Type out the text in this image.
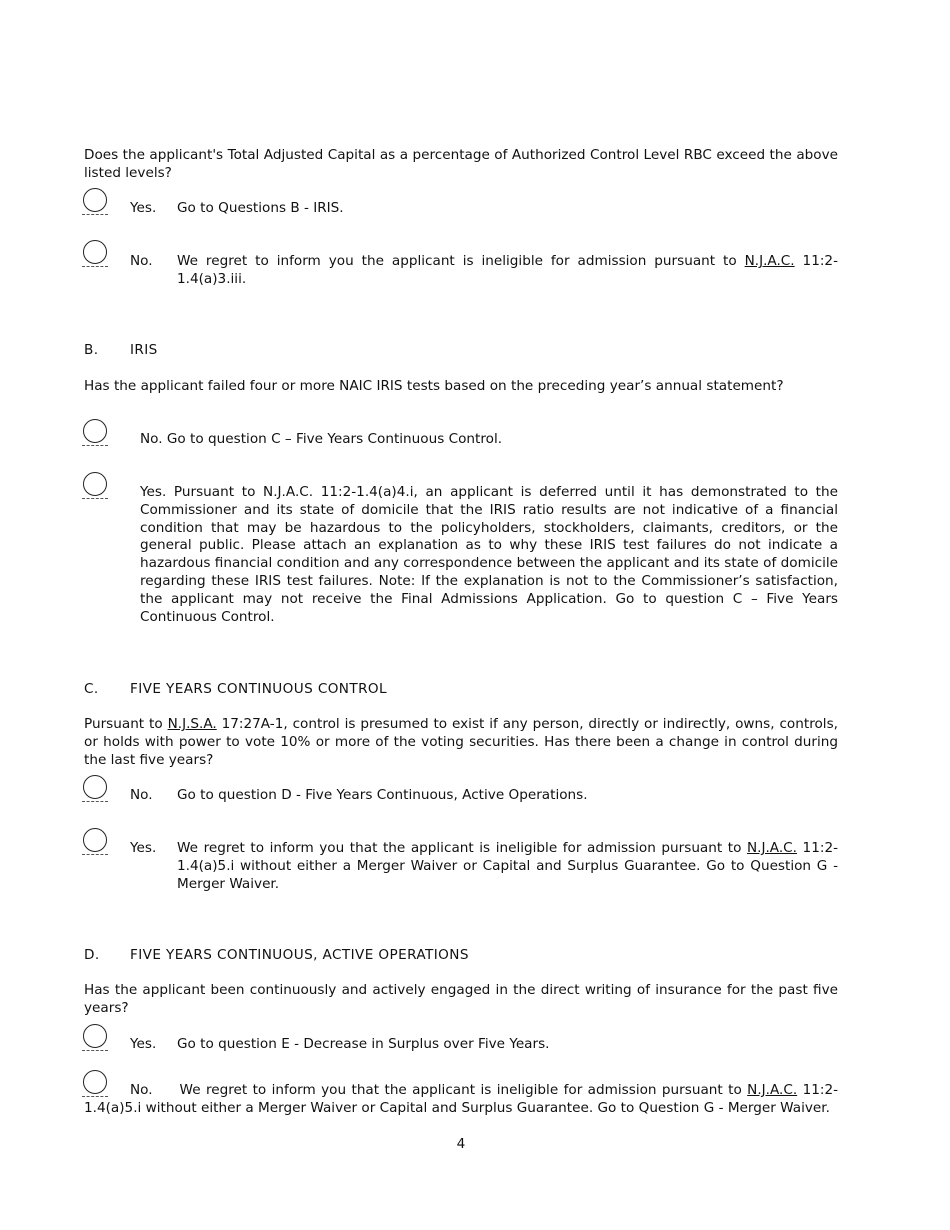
Does the applicant's Total Adjusted Capital as a percentage of Authorized Control Level RBC exceed the above listed levels?

Yes. Go to Questions B - IRIS.

No. We regret to inform you the applicant is ineligible for admission pursuant to N.J.A.C. 11:2-1.4(a)3.iii.

B. IRIS

Has the applicant failed four or more NAIC IRIS tests based on the preceding year’s annual statement?

No. Go to question C – Five Years Continuous Control.

Yes. Pursuant to N.J.A.C. 11:2-1.4(a)4.i, an applicant is deferred until it has demonstrated to the Commissioner and its state of domicile that the IRIS ratio results are not indicative of a financial condition that may be hazardous to the policyholders, stockholders, claimants, creditors, or the general public. Please attach an explanation as to why these IRIS test failures do not indicate a hazardous financial condition and any correspondence between the applicant and its state of domicile regarding these IRIS test failures. Note: If the explanation is not to the Commissioner’s satisfaction, the applicant may not receive the Final Admissions Application. Go to question C – Five Years Continuous Control.

C. FIVE YEARS CONTINUOUS CONTROL

Pursuant to N.J.S.A. 17:27A-1, control is presumed to exist if any person, directly or indirectly, owns, controls, or holds with power to vote 10% or more of the voting securities. Has there been a change in control during the last five years?

No. Go to question D - Five Years Continuous, Active Operations.

Yes. We regret to inform you that the applicant is ineligible for admission pursuant to N.J.A.C. 11:2-1.4(a)5.i without either a Merger Waiver or Capital and Surplus Guarantee. Go to Question G - Merger Waiver.

D. FIVE YEARS CONTINUOUS, ACTIVE OPERATIONS

Has the applicant been continuously and actively engaged in the direct writing of insurance for the past five years?

Yes. Go to question E - Decrease in Surplus over Five Years.

No. We regret to inform you that the applicant is ineligible for admission pursuant to N.J.A.C. 11:2-1.4(a)5.i without either a Merger Waiver or Capital and Surplus Guarantee. Go to Question G - Merger Waiver.

4
